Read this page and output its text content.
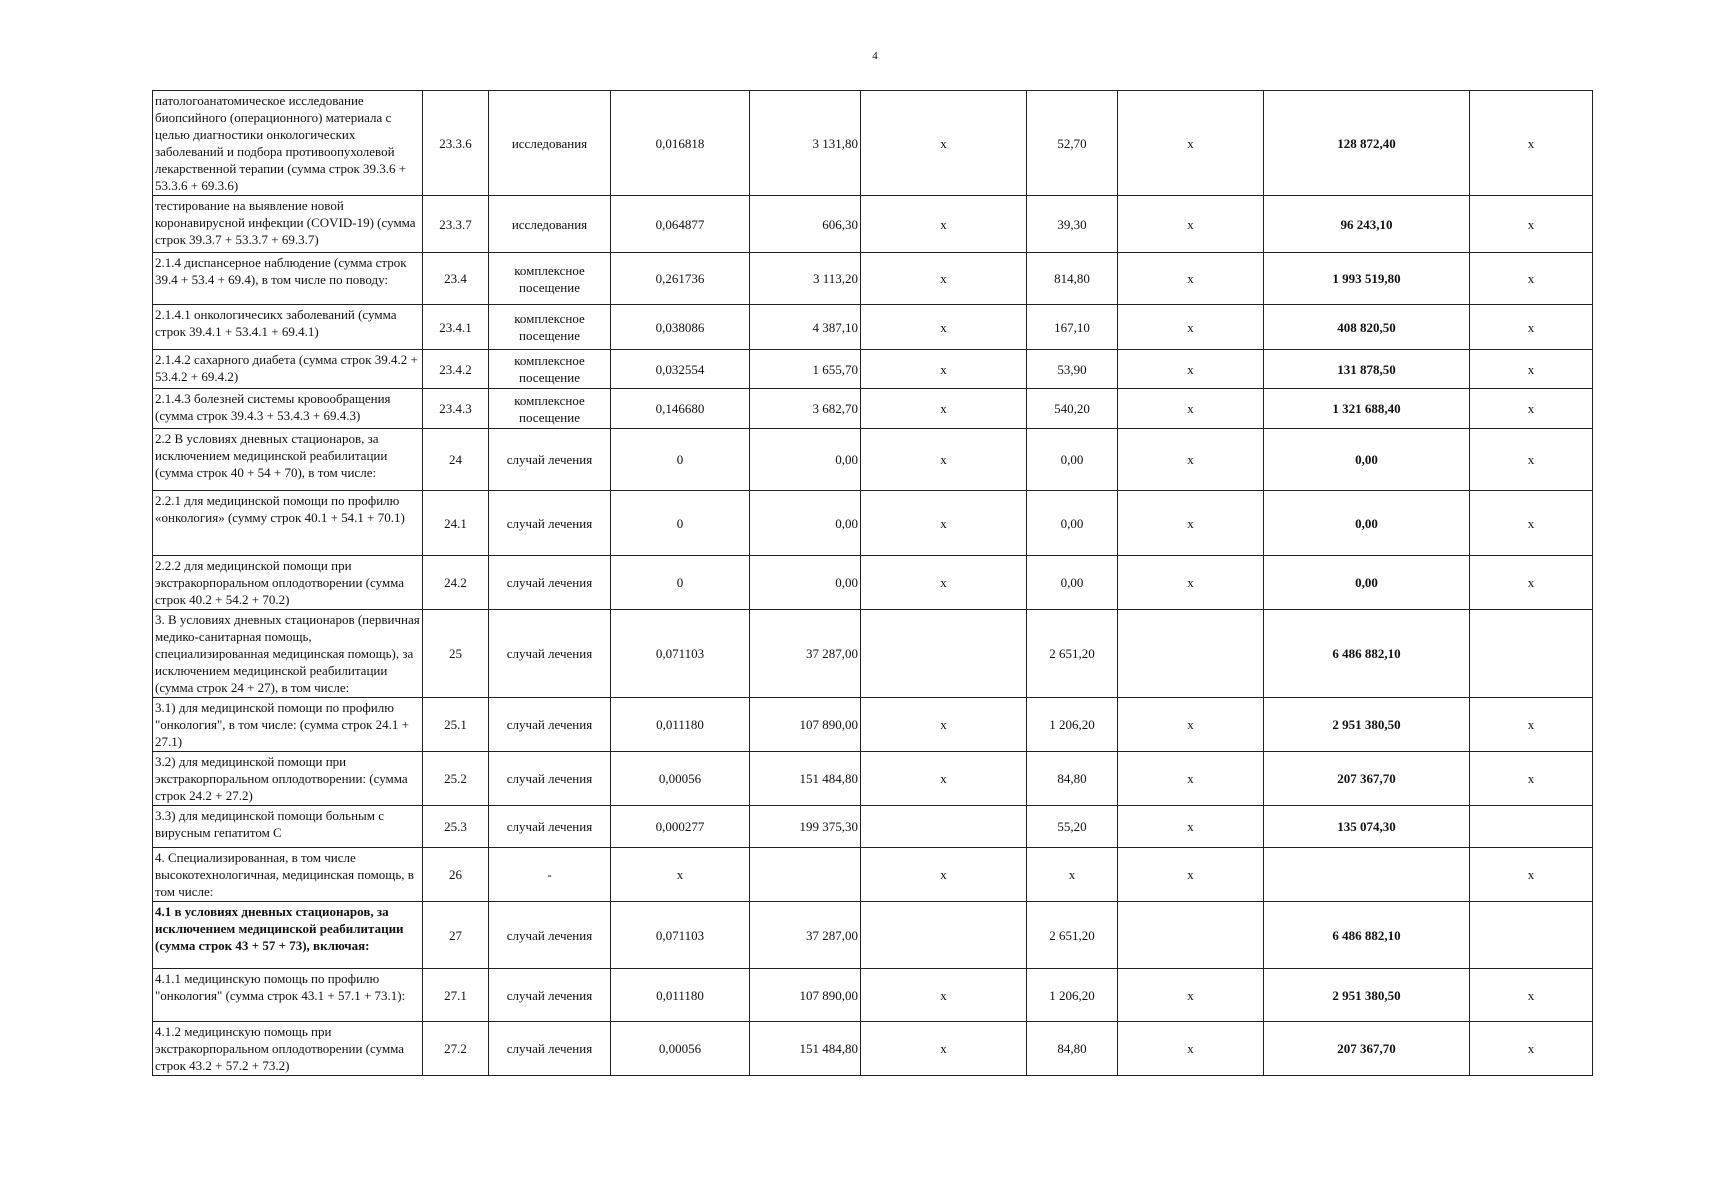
4
патологоанатомическое исследование биопсийного (операционного) материала с целью диагностики онкологических заболеваний и подбора противоопухолевой лекарственной терапии (сумма строк 39.3.6 + 53.3.6 + 69.3.6)	23.3.6	исследования	0,016818	3 131,80	х	52,70	х	128 872,40	х
тестирование на выявление новой коронавирусной инфекции (COVID-19) (сумма строк 39.3.7 + 53.3.7 + 69.3.7)	23.3.7	исследования	0,064877	606,30	х	39,30	х	96 243,10	х
2.1.4 диспансерное наблюдение (сумма строк 39.4 + 53.4 + 69.4), в том числе по поводу:	23.4	комплексное посещение	0,261736	3 113,20	х	814,80	х	1 993 519,80	х
2.1.4.1 онкологичесикх заболеваний (сумма строк 39.4.1 + 53.4.1 + 69.4.1)	23.4.1	комплексное посещение	0,038086	4 387,10	х	167,10	х	408 820,50	х
2.1.4.2 сахарного диабета (сумма строк 39.4.2 + 53.4.2 + 69.4.2)	23.4.2	комплексное посещение	0,032554	1 655,70	х	53,90	х	131 878,50	х
2.1.4.3 болезней системы кровообращения (сумма строк 39.4.3 + 53.4.3 + 69.4.3)	23.4.3	комплексное посещение	0,146680	3 682,70	х	540,20	х	1 321 688,40	х
2.2 В условиях дневных стационаров, за исключением медицинской реабилитации (сумма строк 40 + 54 + 70), в том числе:	24	случай лечения	0	0,00	х	0,00	х	0,00	х
2.2.1 для медицинской помощи по профилю «онкология» (сумму строк 40.1 + 54.1 + 70.1)	24.1	случай лечения	0	0,00	х	0,00	х	0,00	х
2.2.2 для медицинской помощи при экстракорпоральном оплодотворении (сумма строк 40.2 + 54.2 + 70.2)	24.2	случай лечения	0	0,00	х	0,00	х	0,00	х
3. В условиях дневных стационаров (первичная медико-санитарная помощь, специализированная медицинская помощь), за исключением медицинской реабилитации (сумма строк 24 + 27), в том числе:	25	случай лечения	0,071103	37 287,00		2 651,20		6 486 882,10	
3.1) для медицинской помощи по профилю "онкология", в том числе: (сумма строк 24.1 + 27.1)	25.1	случай лечения	0,011180	107 890,00	х	1 206,20	х	2 951 380,50	х
3.2) для медицинской помощи при экстракорпоральном оплодотворении: (сумма строк 24.2 + 27.2)	25.2	случай лечения	0,00056	151 484,80	х	84,80	х	207 367,70	х
3.3) для медицинской помощи больным с вирусным гепатитом С	25.3	случай лечения	0,000277	199 375,30		55,20	х	135 074,30	
4. Специализированная, в том числе высокотехнологичная, медицинская помощь, в том числе:	26	-	х		х	х	х		х
4.1 в условиях дневных стационаров, за исключением медицинской реабилитации (сумма строк 43 + 57 + 73), включая:	27	случай лечения	0,071103	37 287,00		2 651,20		6 486 882,10	
4.1.1 медицинскую помощь по профилю "онкология" (сумма строк 43.1 + 57.1 + 73.1):	27.1	случай лечения	0,011180	107 890,00	х	1 206,20	х	2 951 380,50	х
4.1.2 медицинскую помощь при экстракорпоральном оплодотворении (сумма строк 43.2 + 57.2 + 73.2)	27.2	случай лечения	0,00056	151 484,80	х	84,80	х	207 367,70	х
